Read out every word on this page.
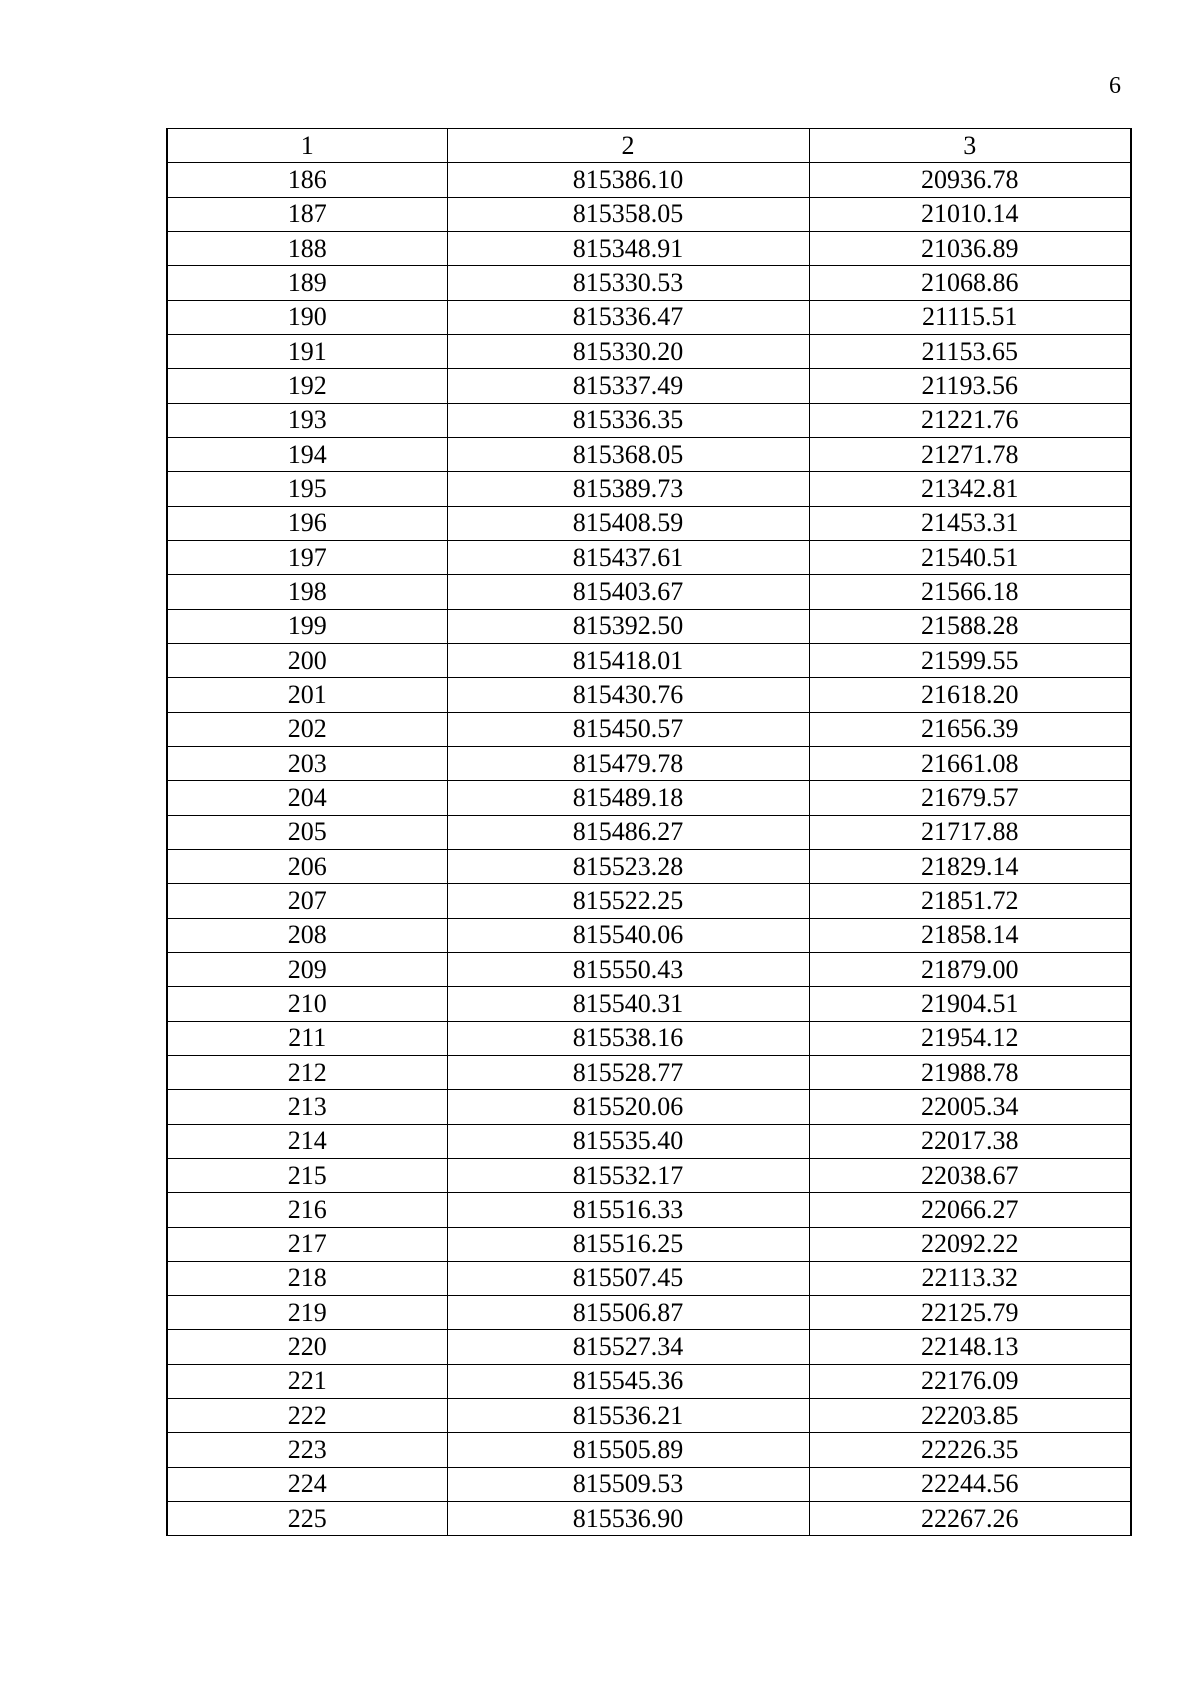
6
1	2	3
186	815386.10	20936.78
187	815358.05	21010.14
188	815348.91	21036.89
189	815330.53	21068.86
190	815336.47	21115.51
191	815330.20	21153.65
192	815337.49	21193.56
193	815336.35	21221.76
194	815368.05	21271.78
195	815389.73	21342.81
196	815408.59	21453.31
197	815437.61	21540.51
198	815403.67	21566.18
199	815392.50	21588.28
200	815418.01	21599.55
201	815430.76	21618.20
202	815450.57	21656.39
203	815479.78	21661.08
204	815489.18	21679.57
205	815486.27	21717.88
206	815523.28	21829.14
207	815522.25	21851.72
208	815540.06	21858.14
209	815550.43	21879.00
210	815540.31	21904.51
211	815538.16	21954.12
212	815528.77	21988.78
213	815520.06	22005.34
214	815535.40	22017.38
215	815532.17	22038.67
216	815516.33	22066.27
217	815516.25	22092.22
218	815507.45	22113.32
219	815506.87	22125.79
220	815527.34	22148.13
221	815545.36	22176.09
222	815536.21	22203.85
223	815505.89	22226.35
224	815509.53	22244.56
225	815536.90	22267.26
